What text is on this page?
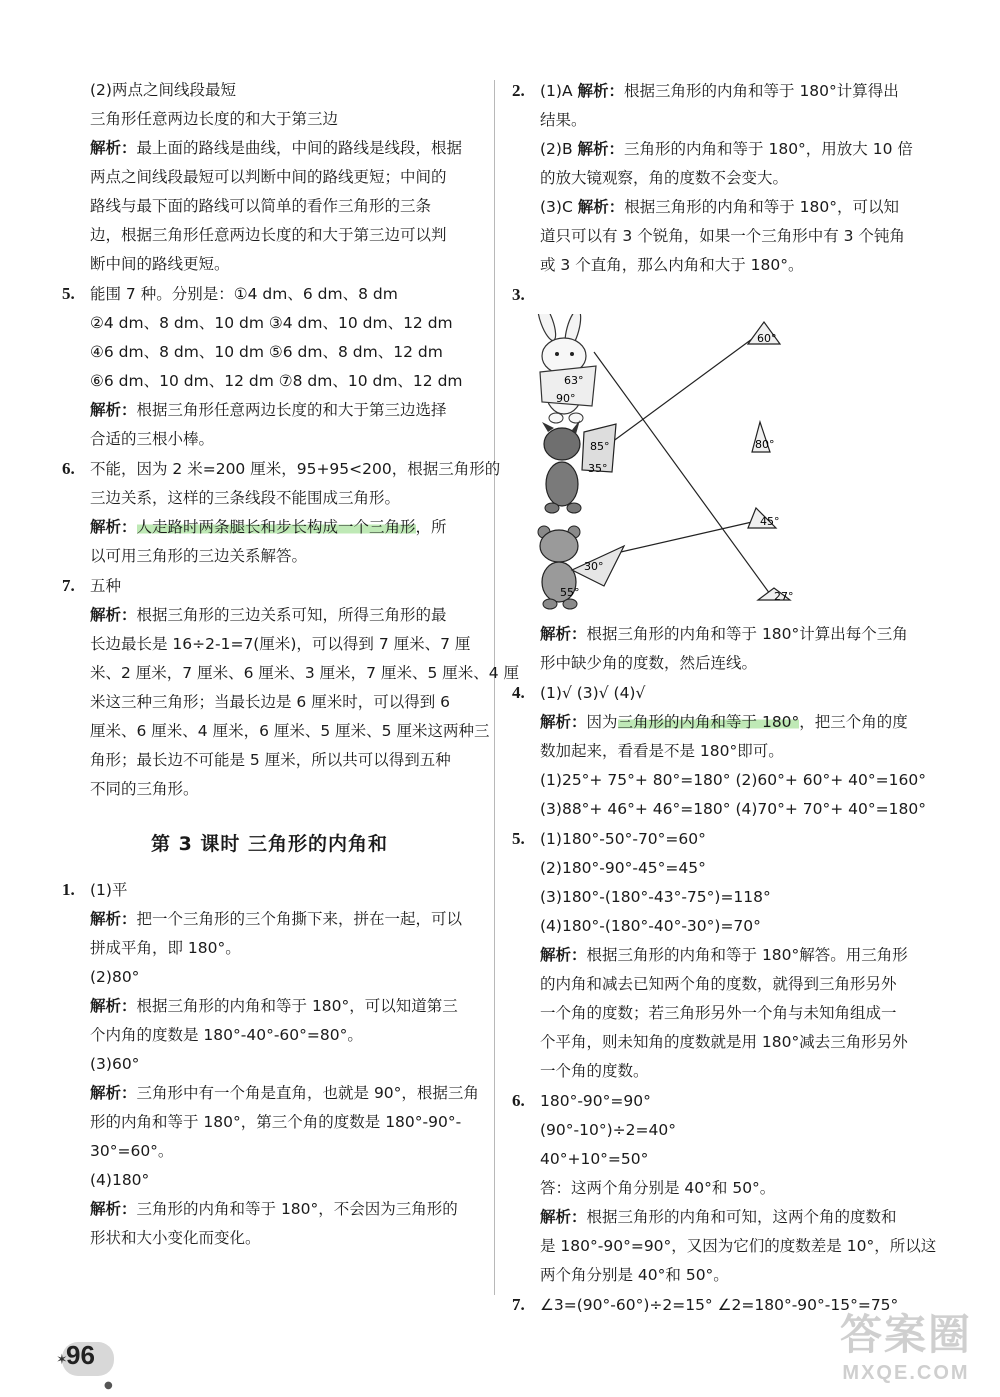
(2)两点之间线段最短
三角形任意两边长度的和大于第三边
解析：最上面的路线是曲线，中间的路线是线段，根据
两点之间线段最短可以判断中间的路线更短；中间的
路线与最下面的路线可以简单的看作三角形的三条
边，根据三角形任意两边长度的和大于第三边可以判
断中间的路线更短。
5. 能围 7 种。分别是：①4 dm、6 dm、8 dm
②4 dm、8 dm、10 dm ③4 dm、10 dm、12 dm
④6 dm、8 dm、10 dm ⑤6 dm、8 dm、12 dm
⑥6 dm、10 dm、12 dm ⑦8 dm、10 dm、12 dm
解析：根据三角形任意两边长度的和大于第三边选择
合适的三根小棒。
6. 不能，因为 2 米=200 厘米，95+95<200，根据三角形的
三边关系，这样的三条线段不能围成三角形。
解析：人走路时两条腿长和步长构成一个三角形，所
以可用三角形的三边关系解答。
7. 五种
解析：根据三角形的三边关系可知，所得三角形的最
长边最长是 16÷2-1=7(厘米)，可以得到 7 厘米、7 厘
米、2 厘米，7 厘米、6 厘米、3 厘米，7 厘米、5 厘米、4 厘
米这三种三角形；当最长边是 6 厘米时，可以得到 6
厘米、6 厘米、4 厘米，6 厘米、5 厘米、5 厘米这两种三
角形；最长边不可能是 5 厘米，所以共可以得到五种
不同的三角形。
第 3 课时 三角形的内角和
1. (1)平
解析：把一个三角形的三个角撕下来，拼在一起，可以
拼成平角，即 180°。
(2)80°
解析：根据三角形的内角和等于 180°，可以知道第三
个内角的度数是 180°-40°-60°=80°。
(3)60°
解析：三角形中有一个角是直角，也就是 90°，根据三角
形的内角和等于 180°，第三个角的度数是 180°-90°-
30°=60°。
(4)180°
解析：三角形的内角和等于 180°，不会因为三角形的
形状和大小变化而变化。
2. (1)A 解析：根据三角形的内角和等于 180°计算得出
结果。
(2)B 解析：三角形的内角和等于 180°，用放大 10 倍
的放大镜观察，角的度数不会变大。
(3)C 解析：根据三角形的内角和等于 180°，可以知
道只可以有 3 个锐角，如果一个三角形中有 3 个钝角
或 3 个直角，那么内角和大于 180°。
3.
63°
90°
85°
35°
30°
55°
60°
80°
45°
27°
解析：根据三角形的内角和等于 180°计算出每个三角
形中缺少角的度数，然后连线。
4. (1)√ (3)√ (4)√
解析：因为三角形的内角和等于 180°，把三个角的度
数加起来，看看是不是 180°即可。
(1)25°+ 75°+ 80°=180° (2)60°+ 60°+ 40°=160°
(3)88°+ 46°+ 46°=180° (4)70°+ 70°+ 40°=180°
5. (1)180°-50°-70°=60°
(2)180°-90°-45°=45°
(3)180°-(180°-43°-75°)=118°
(4)180°-(180°-40°-30°)=70°
解析：根据三角形的内角和等于 180°解答。用三角形
的内角和减去已知两个角的度数，就得到三角形另外
一个角的度数；若三角形另外一个角与未知角组成一
个平角，则未知角的度数就是用 180°减去三角形另外
一个角的度数。
6. 180°-90°=90°
(90°-10°)÷2=40°
40°+10°=50°
答：这两个角分别是 40°和 50°。
解析：根据三角形的内角和可知，这两个角的度数和
是 180°-90°=90°，又因为它们的度数差是 10°，所以这
两个角分别是 40°和 50°。
7. ∠3=(90°-60°)÷2=15° ∠2=180°-90°-15°=75°
✶
96
●
答案圈
MXQE.COM
